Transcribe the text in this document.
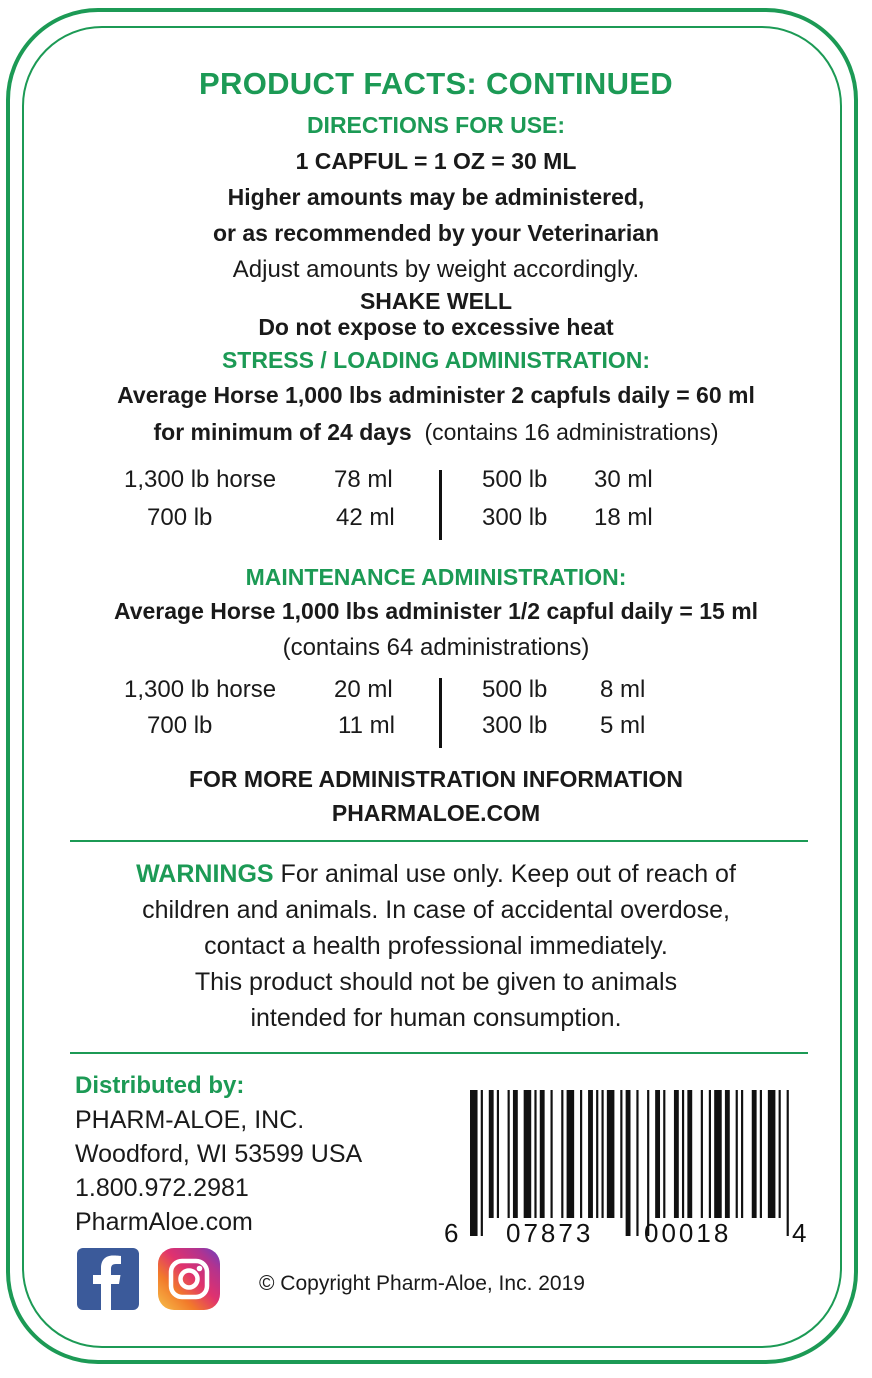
PRODUCT FACTS: CONTINUED
DIRECTIONS FOR USE:
1 CAPFUL = 1 OZ = 30 ML
Higher amounts may be administered,
or as recommended by your Veterinarian
Adjust amounts by weight accordingly.
SHAKE WELL
Do not expose to excessive heat
STRESS / LOADING ADMINISTRATION:
Average Horse 1,000 lbs administer 2 capfuls daily = 60 ml
for minimum of 24 days (contains 16 administrations)
1,300 lb horse 78 ml	500 lb 30 ml
700 lb	42 ml	300 lb 18 ml
MAINTENANCE ADMINISTRATION:
Average Horse 1,000 lbs administer 1/2 capful daily = 15 ml
(contains 64 administrations)
1,300 lb horse 20 ml	500 lb 8 ml
700 lb	11 ml	300 lb 5 ml
FOR MORE ADMINISTRATION INFORMATION
PHARMALOE.COM
WARNINGS For animal use only. Keep out of reach of
children and animals. In case of accidental overdose,
contact a health professional immediately.
This product should not be given to animals
intended for human consumption.
Distributed by:
PHARM-ALOE, INC.
Woodford, WI 53599 USA
1.800.972.2981
PharmAloe.com	6 07873 00018 4
© Copyright Pharm-Aloe, Inc. 2019
